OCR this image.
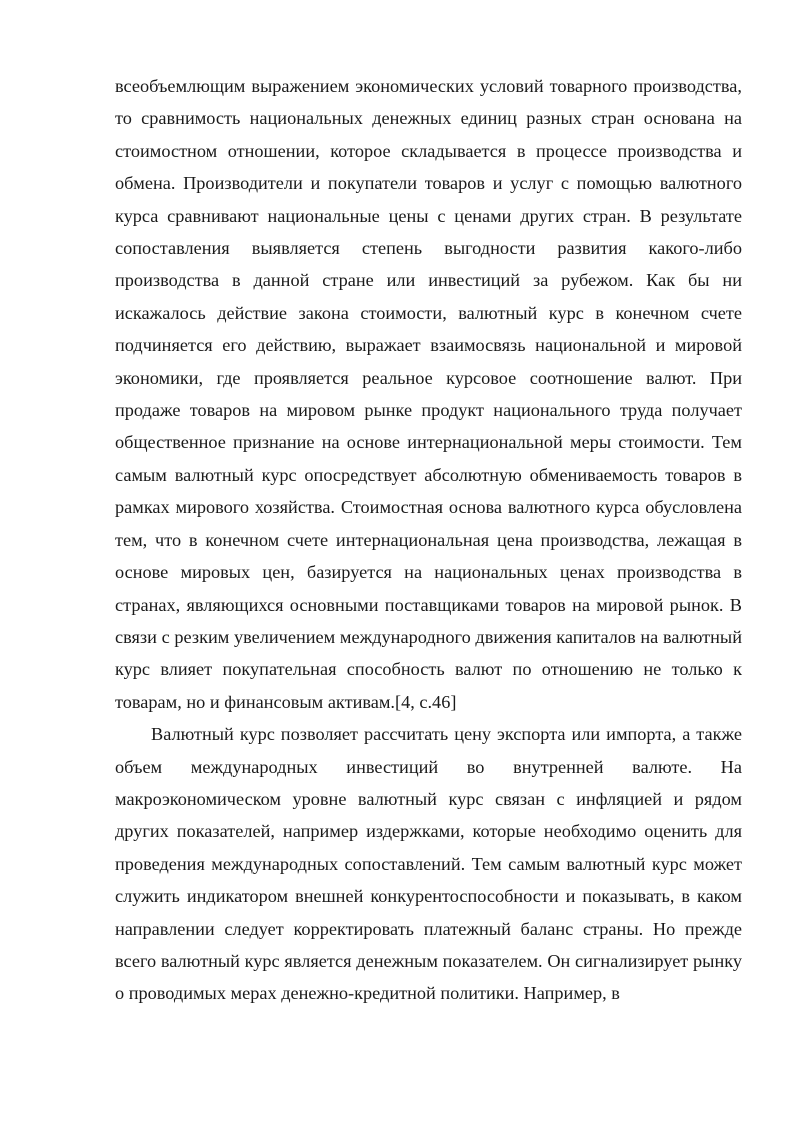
всеобъемлющим выражением экономических условий товарного производства, то сравнимость национальных денежных единиц разных стран основана на стоимостном отношении, которое складывается в процессе производства и обмена. Производители и покупатели товаров и услуг с помощью валютного курса сравнивают национальные цены с ценами других стран. В результате сопоставления выявляется степень выгодности развития какого-либо производства в данной стране или инвестиций за рубежом. Как бы ни искажалось действие закона стоимости, валютный курс в конечном счете подчиняется его действию, выражает взаимосвязь национальной и мировой экономики, где проявляется реальное курсовое соотношение валют. При продаже товаров на мировом рынке продукт национального труда получает общественное признание на основе интернациональной меры стоимости. Тем самым валютный курс опосредствует абсолютную обмениваемость товаров в рамках мирового хозяйства. Стоимостная основа валютного курса обусловлена тем, что в конечном счете интернациональная цена производства, лежащая в основе мировых цен, базируется на национальных ценах производства в странах, являющихся основными поставщиками товаров на мировой рынок. В связи с резким увеличением международного движения капиталов на валютный курс влияет покупательная способность валют по отношению не только к товарам, но и финансовым активам.[4, с.46]

Валютный курс позволяет рассчитать цену экспорта или импорта, а также объем международных инвестиций во внутренней валюте. На макроэкономическом уровне валютный курс связан с инфляцией и рядом других показателей, например издержками, которые необходимо оценить для проведения международных сопоставлений. Тем самым валютный курс может служить индикатором внешней конкурентоспособности и показывать, в каком направлении следует корректировать платежный баланс страны. Но прежде всего валютный курс является денежным показателем. Он сигнализирует рынку о проводимых мерах денежно-кредитной политики. Например, в
